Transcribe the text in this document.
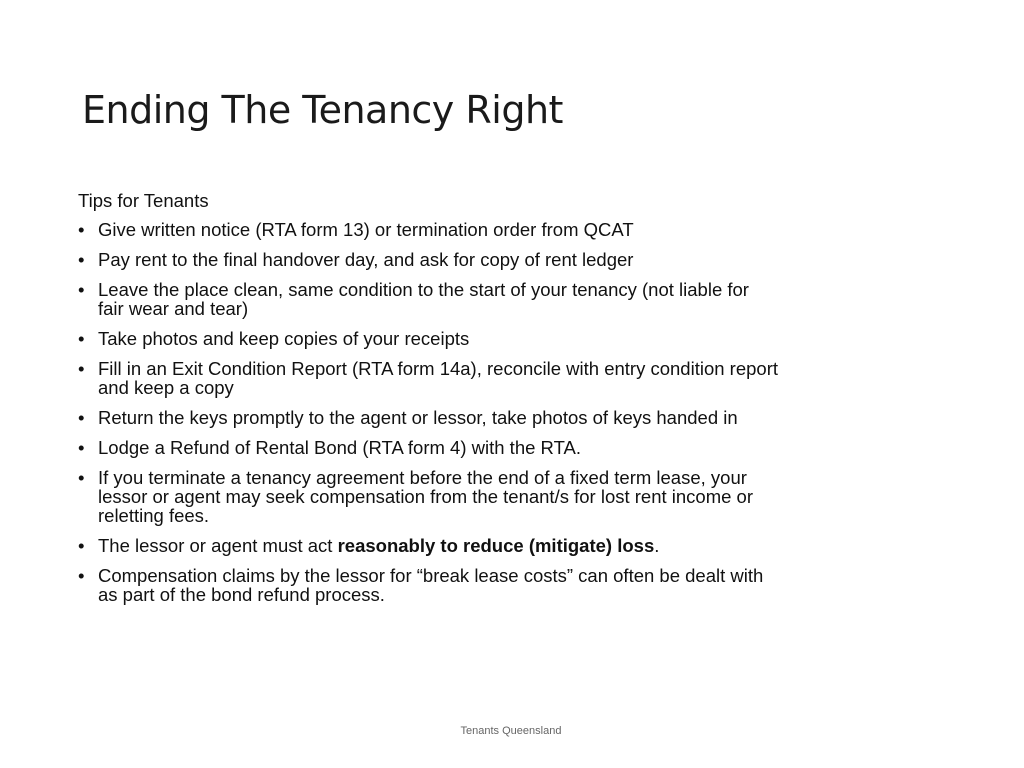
Ending The Tenancy Right
Tips for Tenants
• Give written notice (RTA form 13) or termination order from QCAT
• Pay rent to the final handover day, and ask for copy of rent ledger
• Leave the place clean, same condition to the start of your tenancy (not liable for fair wear and tear)
• Take photos and keep copies of your receipts
• Fill in an Exit Condition Report (RTA form 14a), reconcile with entry condition report and keep a copy
• Return the keys promptly to the agent or lessor, take photos of keys handed in
• Lodge a Refund of Rental Bond (RTA form 4) with the RTA.
• If you terminate a tenancy agreement before the end of a fixed term lease, your lessor or agent may seek compensation from the tenant/s for lost rent income or reletting fees.
• The lessor or agent must act reasonably to reduce (mitigate) loss.
• Compensation claims by the lessor for “break lease costs” can often be dealt with as part of the bond refund process.
Tenants Queensland
